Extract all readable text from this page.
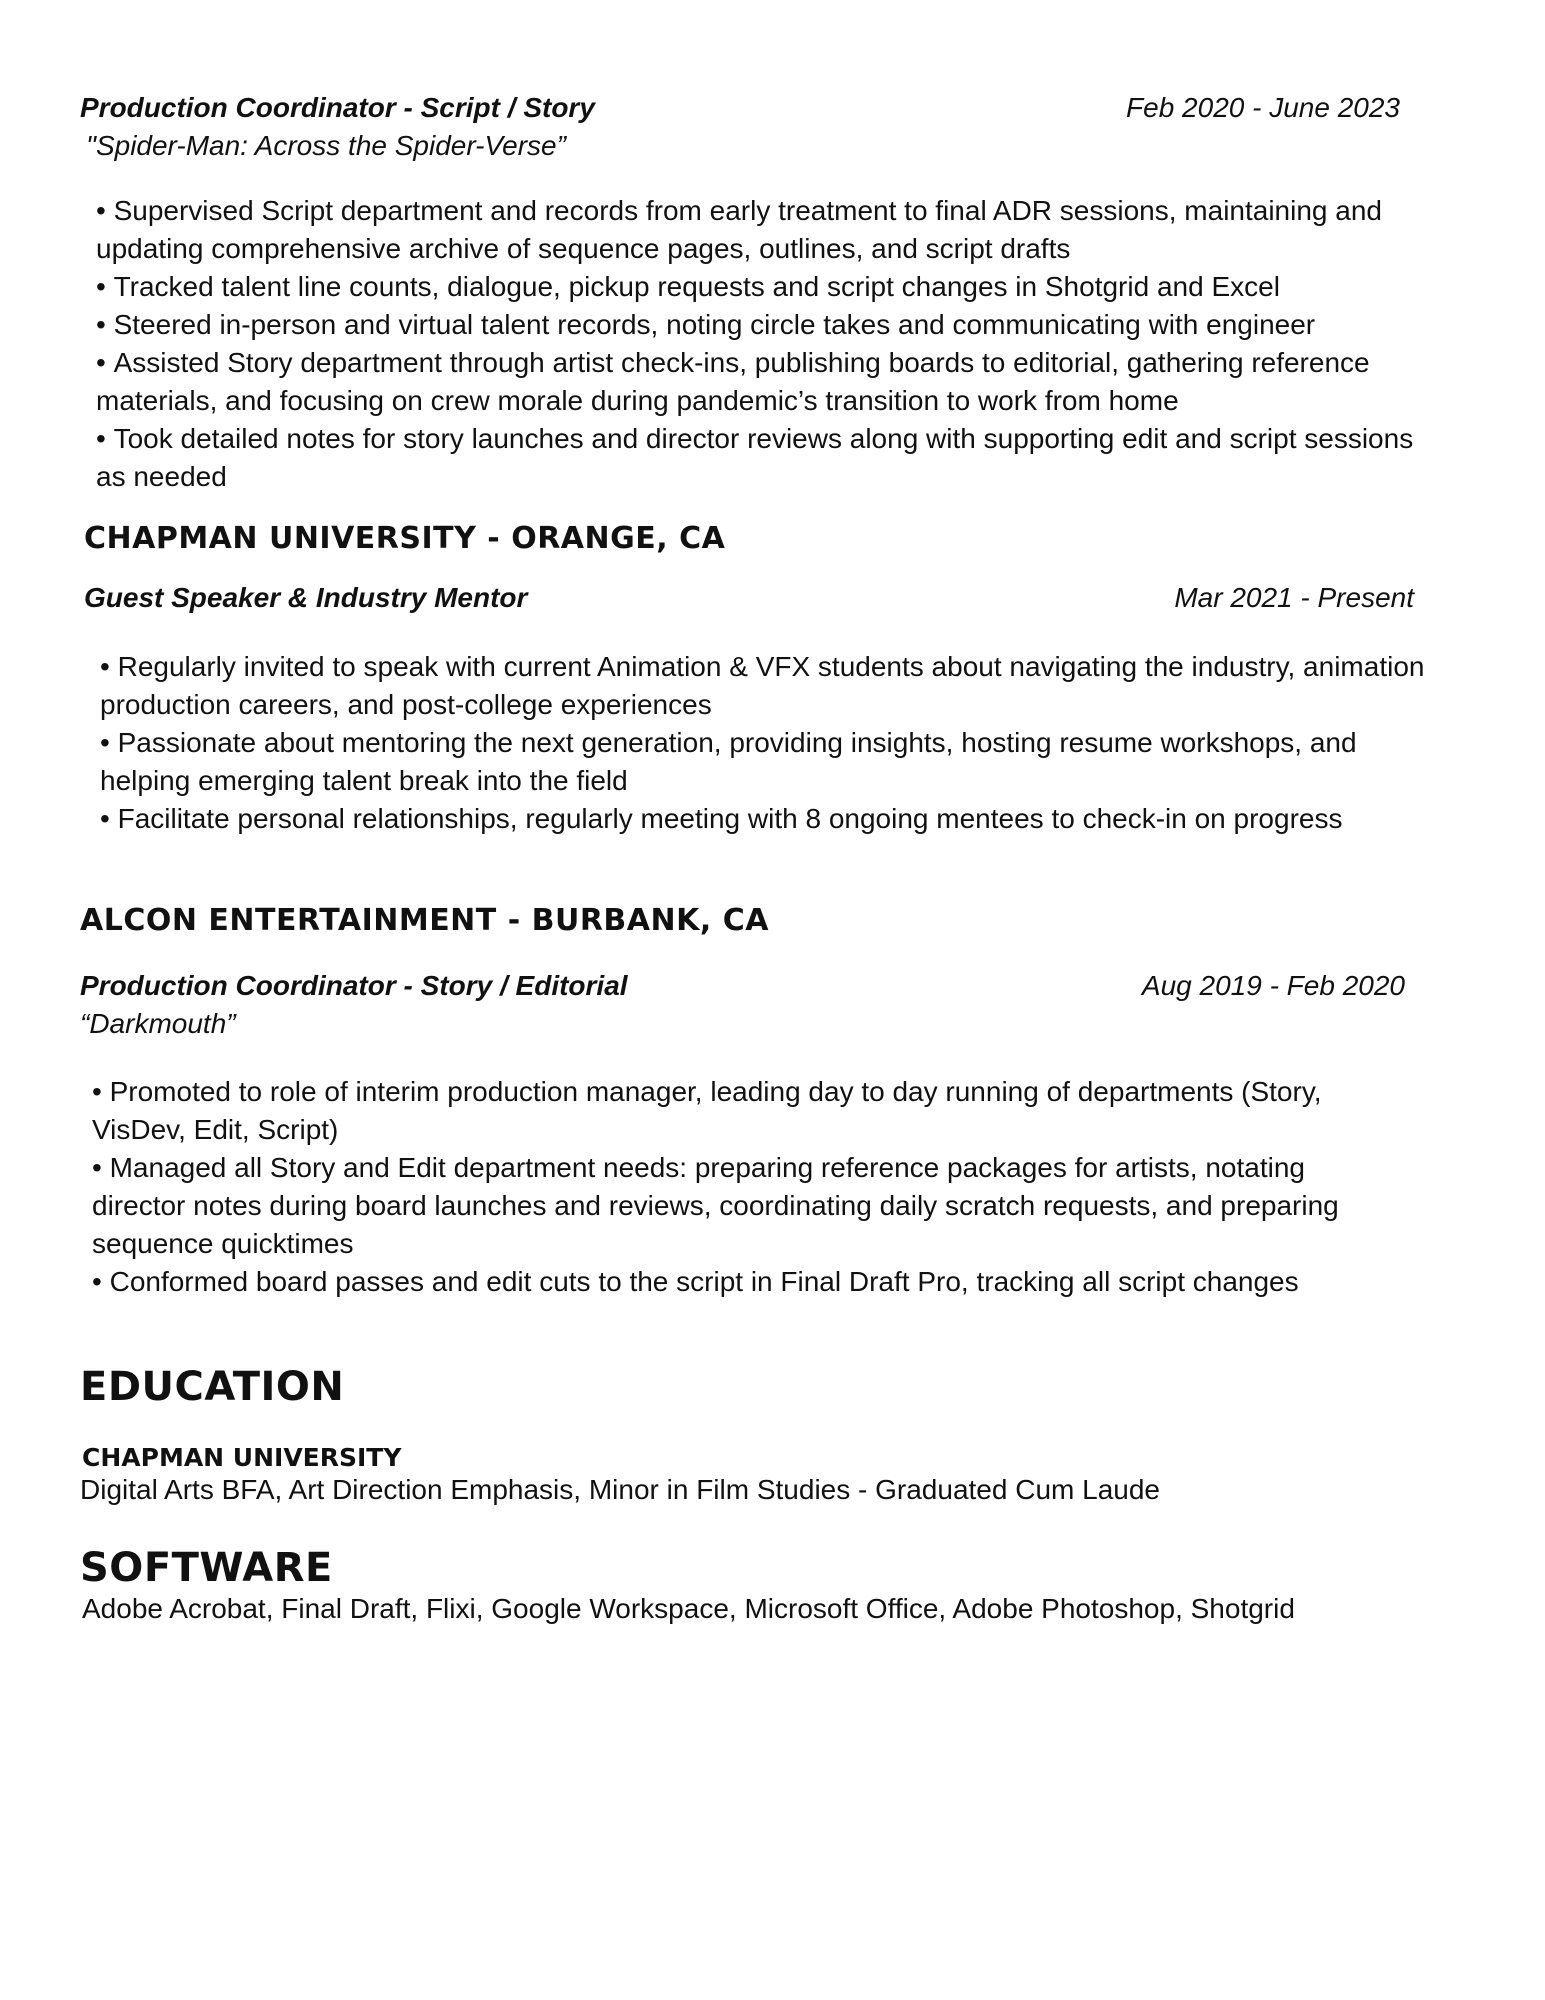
Production Coordinator - Script / Story	Feb 2020 - June 2023
"Spider-Man: Across the Spider-Verse”
• Supervised Script department and records from early treatment to final ADR sessions, maintaining and updating comprehensive archive of sequence pages, outlines, and script drafts
• Tracked talent line counts, dialogue, pickup requests and script changes in Shotgrid and Excel
• Steered in-person and virtual talent records, noting circle takes and communicating with engineer
• Assisted Story department through artist check-ins, publishing boards to editorial, gathering reference materials, and focusing on crew morale during pandemic’s transition to work from home
• Took detailed notes for story launches and director reviews along with supporting edit and script sessions as needed
CHAPMAN UNIVERSITY - ORANGE, CA
Guest Speaker & Industry Mentor	Mar 2021 - Present
• Regularly invited to speak with current Animation & VFX students about navigating the industry, animation production careers, and post-college experiences
• Passionate about mentoring the next generation, providing insights, hosting resume workshops, and helping emerging talent break into the field
• Facilitate personal relationships, regularly meeting with 8 ongoing mentees to check-in on progress
ALCON ENTERTAINMENT - BURBANK, CA
Production Coordinator - Story / Editorial	Aug 2019 - Feb 2020
“Darkmouth”
• Promoted to role of interim production manager, leading day to day running of departments (Story, VisDev, Edit, Script)
• Managed all Story and Edit department needs: preparing reference packages for artists, notating director notes during board launches and reviews, coordinating daily scratch requests, and preparing sequence quicktimes
• Conformed board passes and edit cuts to the script in Final Draft Pro, tracking all script changes
EDUCATION
CHAPMAN UNIVERSITY
Digital Arts BFA, Art Direction Emphasis, Minor in Film Studies - Graduated Cum Laude
SOFTWARE
Adobe Acrobat, Final Draft, Flixi, Google Workspace, Microsoft Office, Adobe Photoshop, Shotgrid
